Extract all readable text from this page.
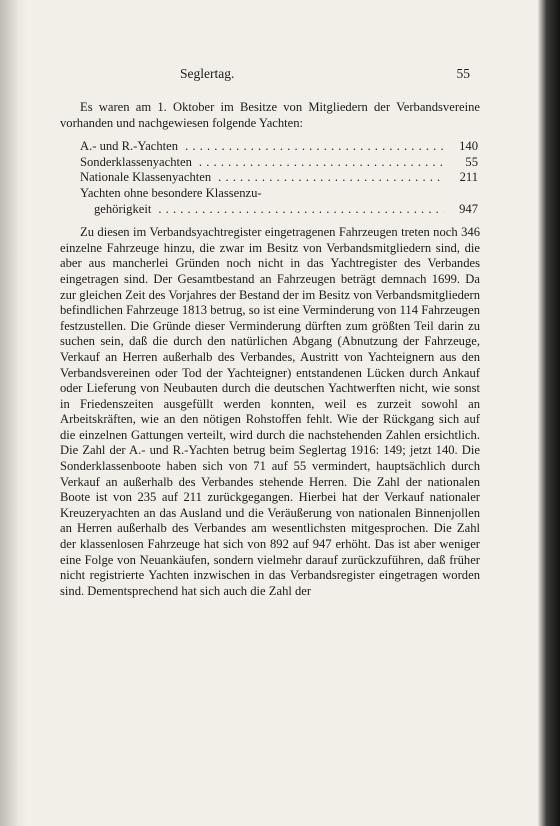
Seglertag.	55

Es waren am 1. Oktober im Besitze von Mitgliedern der Verbandsvereine vorhanden und nachgewiesen folgende Yachten:

A.- und R.-Yachten . . .	140
Sonderklassenyachten . . .	55
Nationale Klassenyachten . . .	211
Yachten ohne besondere Klassenzu-
gehörigkeit . . .	947

Zu diesen im Verbandsyachtregister eingetragenen Fahrzeugen treten noch 346 einzelne Fahrzeuge hinzu, die zwar im Besitz von Verbandsmitgliedern sind, die aber aus mancherlei Gründen noch nicht in das Yachtregister des Verbandes eingetragen sind. Der Gesamtbestand an Fahrzeugen beträgt demnach 1699. Da zur gleichen Zeit des Vorjahres der Bestand der im Besitz von Verbandsmitgliedern befindlichen Fahrzeuge 1813 betrug, so ist eine Verminderung von 114 Fahrzeugen festzustellen. Die Gründe dieser Verminderung dürften zum größten Teil darin zu suchen sein, daß die durch den natürlichen Abgang (Abnutzung der Fahrzeuge, Verkauf an Herren außerhalb des Verbandes, Austritt von Yachteignern aus den Verbandsvereinen oder Tod der Yachteigner) entstandenen Lücken durch Ankauf oder Lieferung von Neubauten durch die deutschen Yachtwerften nicht, wie sonst in Friedenszeiten ausgefüllt werden konnten, weil es zurzeit sowohl an Arbeitskräften, wie an den nötigen Rohstoffen fehlt. Wie der Rückgang sich auf die einzelnen Gattungen verteilt, wird durch die nachstehenden Zahlen ersichtlich. Die Zahl der A.- und R.-Yachten betrug beim Seglertag 1916: 149; jetzt 140. Die Sonderklassenboote haben sich von 71 auf 55 vermindert, hauptsächlich durch Verkauf an außerhalb des Verbandes stehende Herren. Die Zahl der nationalen Boote ist von 235 auf 211 zurückgegangen. Hierbei hat der Verkauf nationaler Kreuzeryachten an das Ausland und die Veräußerung von nationalen Binnenjollen an Herren außerhalb des Verbandes am wesentlichsten mitgesprochen. Die Zahl der klassenlosen Fahrzeuge hat sich von 892 auf 947 erhöht. Das ist aber weniger eine Folge von Neuankäufen, sondern vielmehr darauf zurückzuführen, daß früher nicht registrierte Yachten inzwischen in das Verbandsregister eingetragen worden sind. Dementsprechend hat sich auch die Zahl der
